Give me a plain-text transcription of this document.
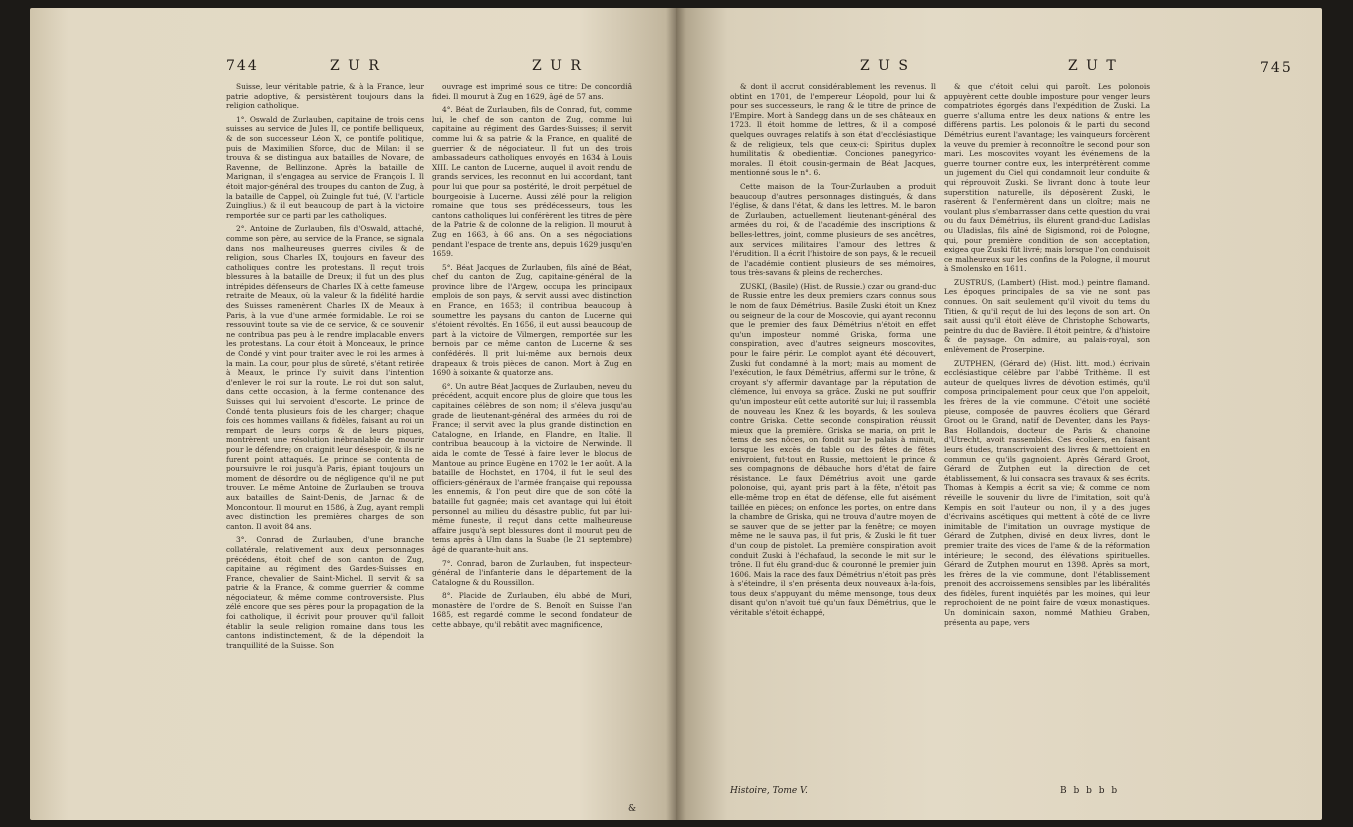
744	Z U R	Z U R

Suisse, leur véritable patrie, & à la France, leur patrie adoptive, & persistèrent toujours dans la religion catholique.

1°. Oswald de Zurlauben, capitaine de trois cens suisses au service de Jules II, ce pontife belliqueux, & de son successeur Léon X, ce pontife politique, puis de Maximilien Sforce, duc de Milan: il se trouva & se distingua aux batailles de Novare, de Ravenne, de Bellinzone. Après la bataille de Marignan, il s'engagea au service de François I. Il étoit major-général des troupes du canton de Zug, à la bataille de Cappel, où Zuingle fut tué, (V. l'article Zuinglius.) & il eut beaucoup de part à la victoire remportée sur ce parti par les catholiques.

2°. Antoine de Zurlauben, fils d'Oswald, attaché, comme son père, au service de la France, se signala dans nos malheureuses guerres civiles & de religion, sous Charles IX, toujours en faveur des catholiques contre les protestans. Il reçut trois blessures à la bataille de Dreux; il fut un des plus intrépides défenseurs de Charles IX à cette fameuse retraite de Meaux, où la valeur & la fidélité hardie des Suisses ramenèrent Charles IX de Meaux à Paris, à la vue d'une armée formidable. Le roi se ressouvint toute sa vie de ce service, & ce souvenir ne contribua pas peu à le rendre implacable envers les protestans. La cour étoit à Monceaux, le prince de Condé y vint pour traiter avec le roi les armes à la main. La cour, pour plus de sûreté, s'étant retirée à Meaux, le prince l'y suivit dans l'intention d'enlever le roi sur la route. Le roi dut son salut, dans cette occasion, à la ferme contenance des Suisses qui lui servoient d'escorte. Le prince de Condé tenta plusieurs fois de les charger; chaque fois ces hommes vaillans & fidèles, faisant au roi un rempart de leurs corps & de leurs piques, montrèrent une résolution inébranlable de mourir pour le défendre; on craignit leur désespoir, & ils ne furent point attaqués. Le prince se contenta de poursuivre le roi jusqu'à Paris, épiant toujours un moment de désordre ou de négligence qu'il ne put trouver. Le même Antoine de Zurlauben se trouva aux batailles de Saint-Denis, de Jarnac & de Moncontour. Il mourut en 1586, à Zug, ayant rempli avec distinction les premières charges de son canton. Il avoit 84 ans.

3°. Conrad de Zurlauben, d'une branche collatérale, relativement aux deux personnages précédens, étoit chef de son canton de Zug, capitaine au régiment des Gardes-Suisses en France, chevalier de Saint-Michel. Il servit & sa patrie & la France, & comme guerrier & comme négociateur, & même comme controversiste. Plus zélé encore que ses pères pour la propagation de la foi catholique, il écrivit pour prouver qu'il falloit établir la seule religion romaine dans tous les cantons indistinctement, & de la dépendoit la tranquillité de la Suisse. Son

ouvrage est imprimé sous ce titre: De concordiâ fidei. Il mourut à Zug en 1629, âgé de 57 ans.

4°. Béat de Zurlauben, fils de Conrad, fut, comme lui, le chef de son canton de Zug, comme lui capitaine au régiment des Gardes-Suisses; il servit comme lui & sa patrie & la France, en qualité de guerrier & de négociateur. Il fut un des trois ambassadeurs catholiques envoyés en 1634 à Louis XIII. Le canton de Lucerne, auquel il avoit rendu de grands services, les reconnut en lui accordant, tant pour lui que pour sa postérité, le droit perpétuel de bourgeoisie à Lucerne. Aussi zélé pour la religion romaine que tous ses prédécesseurs, tous les cantons catholiques lui conférèrent les titres de père de la Patrie & de colonne de la religion. Il mourut à Zug en 1663, à 66 ans. On a ses négociations pendant l'espace de trente ans, depuis 1629 jusqu'en 1659.

5°. Béat Jacques de Zurlauben, fils aîné de Béat, chef du canton de Zug, capitaine-général de la province libre de l'Argew, occupa les principaux emplois de son pays, & servit aussi avec distinction en France, en 1653; il contribua beaucoup à soumettre les paysans du canton de Lucerne qui s'étoient révoltés. En 1656, il eut aussi beaucoup de part à la victoire de Vilmergen, remportée sur les bernois par ce même canton de Lucerne & ses confédérés. Il prit lui-même aux bernois deux drapeaux & trois pièces de canon. Mort à Zug en 1690 à soixante & quatorze ans.

6°. Un autre Béat Jacques de Zurlauben, neveu du précédent, acquit encore plus de gloire que tous les capitaines célèbres de son nom; il s'éleva jusqu'au grade de lieutenant-général des armées du roi de France; il servit avec la plus grande distinction en Catalogne, en Irlande, en Flandre, en Italie. Il contribua beaucoup à la victoire de Nerwinde. Il aida le comte de Tessé à faire lever le blocus de Mantoue au prince Eugène en 1702 le 1er août. A la bataille de Hochstet, en 1704, il fut le seul des officiers-généraux de l'armée française qui repoussa les ennemis, & l'on peut dire que de son côté la bataille fut gagnée; mais cet avantage qui lui étoit personnel au milieu du désastre public, fut par lui-même funeste, il reçut dans cette malheureuse affaire jusqu'à sept blessures dont il mourut peu de tems après à Ulm dans la Suabe (le 21 septembre) âgé de quarante-huit ans.

7°. Conrad, baron de Zurlauben, fut inspecteur-général de l'infanterie dans le département de la Catalogne & du Roussillon.

8°. Placide de Zurlauben, élu abbé de Muri, monastère de l'ordre de S. Benoît en Suisse l'an 1685, est regardé comme le second fondateur de cette abbaye, qu'il rebâtit avec magnificence,

&
Z U S	Z U T	745

& dont il accrut considérablement les revenus. Il obtint en 1701, de l'empereur Léopold, pour lui & pour ses successeurs, le rang & le titre de prince de l'Empire. Mort à Sandegg dans un de ses châteaux en 1723. Il étoit homme de lettres, & il a composé quelques ouvrages relatifs à son état d'ecclésiastique & de religieux, tels que ceux-ci: Spiritus duplex humilitatis & obedientiæ. Conciones panegyrico-morales. Il étoit cousin-germain de Béat Jacques, mentionné sous le n°. 6.

Cette maison de la Tour-Zurlauben a produit beaucoup d'autres personnages distingués, & dans l'église, & dans l'état, & dans les lettres. M. le baron de Zurlauben, actuellement lieutenant-général des armées du roi, & de l'académie des inscriptions & belles-lettres, joint, comme plusieurs de ses ancêtres, aux services militaires l'amour des lettres & l'érudition. Il a écrit l'histoire de son pays, & le recueil de l'académie contient plusieurs de ses mémoires, tous très-savans & pleins de recherches.

ZUSKI, (Basile) (Hist. de Russie.) czar ou grand-duc de Russie entre les deux premiers czars connus sous le nom de faux Démétrius. Basile Zuski étoit un Knez ou seigneur de la cour de Moscovie, qui ayant reconnu que le premier des faux Démétrius n'étoit en effet qu'un imposteur nommé Griska, forma une conspiration, avec d'autres seigneurs moscovites, pour le faire périr. Le complot ayant été découvert, Zuski fut condamné à la mort; mais au moment de l'exécution, le faux Démétrius, affermi sur le trône, & croyant s'y affermir davantage par la réputation de clémence, lui envoya sa grâce. Zuski ne put souffrir qu'un imposteur eût cette autorité sur lui; il rassembla de nouveau les Knez & les boyards, & les souleva contre Griska. Cette seconde conspiration réussit mieux que la première. Griska se maria, on prit le tems de ses nôces, on fondit sur le palais à minuit, lorsque les excès de table ou des fêtes de fêtes enivroient, fut-tout en Russie, mettoient le prince & ses compagnons de débauche hors d'état de faire résistance. Le faux Démétrius avoit une garde polonoise, qui, ayant pris part à la fête, n'étoit pas elle-même trop en état de défense, elle fut aisément taillée en pièces; on enfonce les portes, on entre dans la chambre de Griska, qui ne trouva d'autre moyen de se sauver que de se jetter par la fenêtre; ce moyen même ne le sauva pas, il fut pris, & Zuski le fit tuer d'un coup de pistolet. La première conspiration avoit conduit Zuski à l'échafaud, la seconde le mit sur le trône. Il fut élu grand-duc & couronné le premier juin 1606. Mais la race des faux Démétrius n'étoit pas près à s'éteindre, il s'en présenta deux nouveaux à-la-fois, tous deux s'appuyant du même mensonge, tous deux disant qu'on n'avoit tué qu'un faux Démétrius, que le véritable s'étoit échappé,

& que c'étoit celui qui paroît. Les polonois appuyèrent cette double imposture pour venger leurs compatriotes égorgés dans l'expédition de Zuski. La guerre s'alluma entre les deux nations & entre les différens partis. Les polonois & le parti du second Démétrius eurent l'avantage; les vainqueurs forcèrent la veuve du premier à reconnoître le second pour son mari. Les moscovites voyant les événemens de la guerre tourner contre eux, les interprétèrent comme un jugement du Ciel qui condamnoit leur conduite & qui réprouvoit Zuski. Se livrant donc à toute leur superstition naturelle, ils déposèrent Zuski, le rasèrent & l'enfermèrent dans un cloître; mais ne voulant plus s'embarrasser dans cette question du vrai ou du faux Démétrius, ils élurent grand-duc Ladislas ou Uladislas, fils aîné de Sigismond, roi de Pologne, qui, pour première condition de son acceptation, exigea que Zuski fût livré; mais lorsque l'on conduisoit ce malheureux sur les confins de la Pologne, il mourut à Smolensko en 1611.

ZUSTRUS, (Lambert) (Hist. mod.) peintre flamand. Les époques principales de sa vie ne sont pas connues. On sait seulement qu'il vivoit du tems du Titien, & qu'il reçut de lui des leçons de son art. On sait aussi qu'il étoit élève de Christophe Schowarts, peintre du duc de Bavière. Il étoit peintre, & d'histoire & de paysage. On admire, au palais-royal, son enlèvement de Proserpine.

ZUTPHEN, (Gérard de) (Hist. litt. mod.) écrivain ecclésiastique célèbre par l'abbé Trithème. Il est auteur de quelques livres de dévotion estimés, qu'il composa principalement pour ceux que l'on appeloit, les frères de la vie commune. C'étoit une société pieuse, composée de pauvres écoliers que Gérard Groot ou le Grand, natif de Deventer, dans les Pays-Bas Hollandois, docteur de Paris & chanoine d'Utrecht, avoit rassemblés. Ces écoliers, en faisant leurs études, transcrivoient des livres & mettoient en commun ce qu'ils gagnoient. Après Gérard Groot, Gérard de Zutphen eut la direction de cet établissement, & lui consacra ses travaux & ses écrits. Thomas à Kempis a écrit sa vie; & comme ce nom réveille le souvenir du livre de l'imitation, soit qu'à Kempis en soit l'auteur ou non, il y a des juges d'écrivains ascétiques qui mettent à côté de ce livre inimitable de l'imitation un ouvrage mystique de Gérard de Zutphen, divisé en deux livres, dont le premier traite des vices de l'ame & de la réformation intérieure; le second, des élévations spirituelles. Gérard de Zutphen mourut en 1398. Après sa mort, les frères de la vie commune, dont l'établissement prenoit des accroissemens sensibles par les libéralités des fidèles, furent inquiétés par les moines, qui leur reprochoient de ne point faire de vœux monastiques. Un dominicain saxon, nommé Mathieu Graben, présenta au pape, vers

Histoire, Tome V.	B b b b b
